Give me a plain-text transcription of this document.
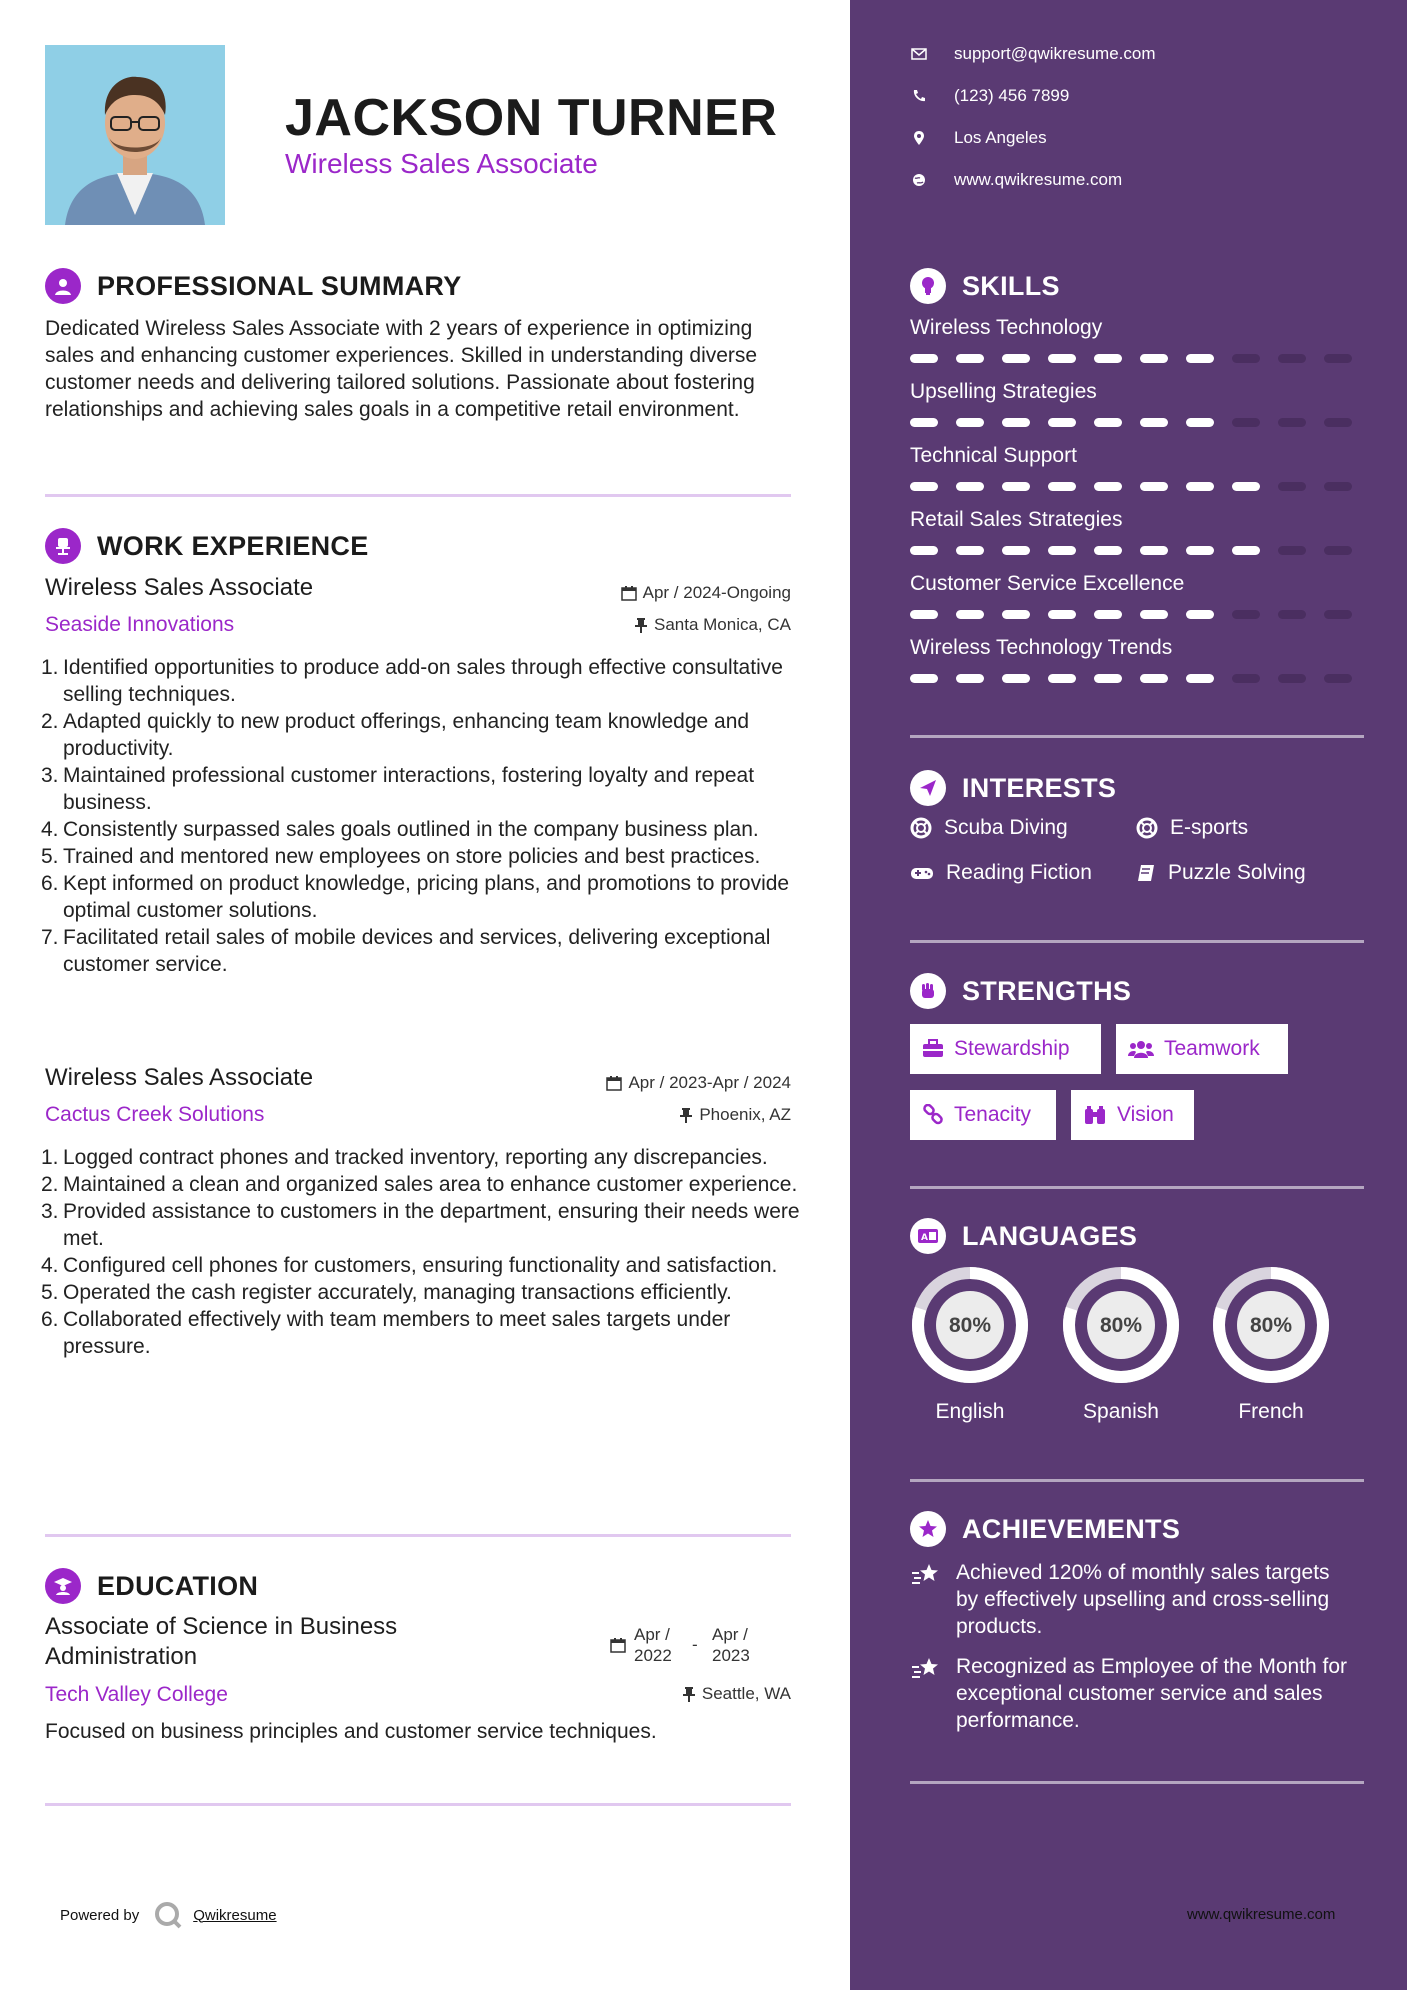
JACKSON TURNER
Wireless Sales Associate
PROFESSIONAL SUMMARY
Dedicated Wireless Sales Associate with 2 years of experience in optimizing sales and enhancing customer experiences. Skilled in understanding diverse customer needs and delivering tailored solutions. Passionate about fostering relationships and achieving sales goals in a competitive retail environment.
WORK EXPERIENCE
Wireless Sales Associate	Apr / 2024-Ongoing
Seaside Innovations	Santa Monica, CA
1. Identified opportunities to produce add-on sales through effective consultative selling techniques.
2. Adapted quickly to new product offerings, enhancing team knowledge and productivity.
3. Maintained professional customer interactions, fostering loyalty and repeat business.
4. Consistently surpassed sales goals outlined in the company business plan.
5. Trained and mentored new employees on store policies and best practices.
6. Kept informed on product knowledge, pricing plans, and promotions to provide optimal customer solutions.
7. Facilitated retail sales of mobile devices and services, delivering exceptional customer service.
Wireless Sales Associate	Apr / 2023-Apr / 2024
Cactus Creek Solutions	Phoenix, AZ
1. Logged contract phones and tracked inventory, reporting any discrepancies.
2. Maintained a clean and organized sales area to enhance customer experience.
3. Provided assistance to customers in the department, ensuring their needs were met.
4. Configured cell phones for customers, ensuring functionality and satisfaction.
5. Operated the cash register accurately, managing transactions efficiently.
6. Collaborated effectively with team members to meet sales targets under pressure.
EDUCATION
Associate of Science in Business Administration
Apr / 2022
-
Apr / 2023
Tech Valley College	Seattle, WA
Focused on business principles and customer service techniques.
Powered by	Qwikresume
support@qwikresume.com
(123) 456 7899
Los Angeles
www.qwikresume.com
SKILLS
Wireless Technology
Upselling Strategies
Technical Support
Retail Sales Strategies
Customer Service Excellence
Wireless Technology Trends
INTERESTS
Scuba Diving	E-sports
Reading Fiction	Puzzle Solving
STRENGTHS
Stewardship	Teamwork
Tenacity	Vision
A LANGUAGES
80%
English
80%
Spanish
80%
French
ACHIEVEMENTS
Achieved 120% of monthly sales targets by effectively upselling and cross-selling products.
Recognized as Employee of the Month for exceptional customer service and sales performance.
www.qwikresume.com
